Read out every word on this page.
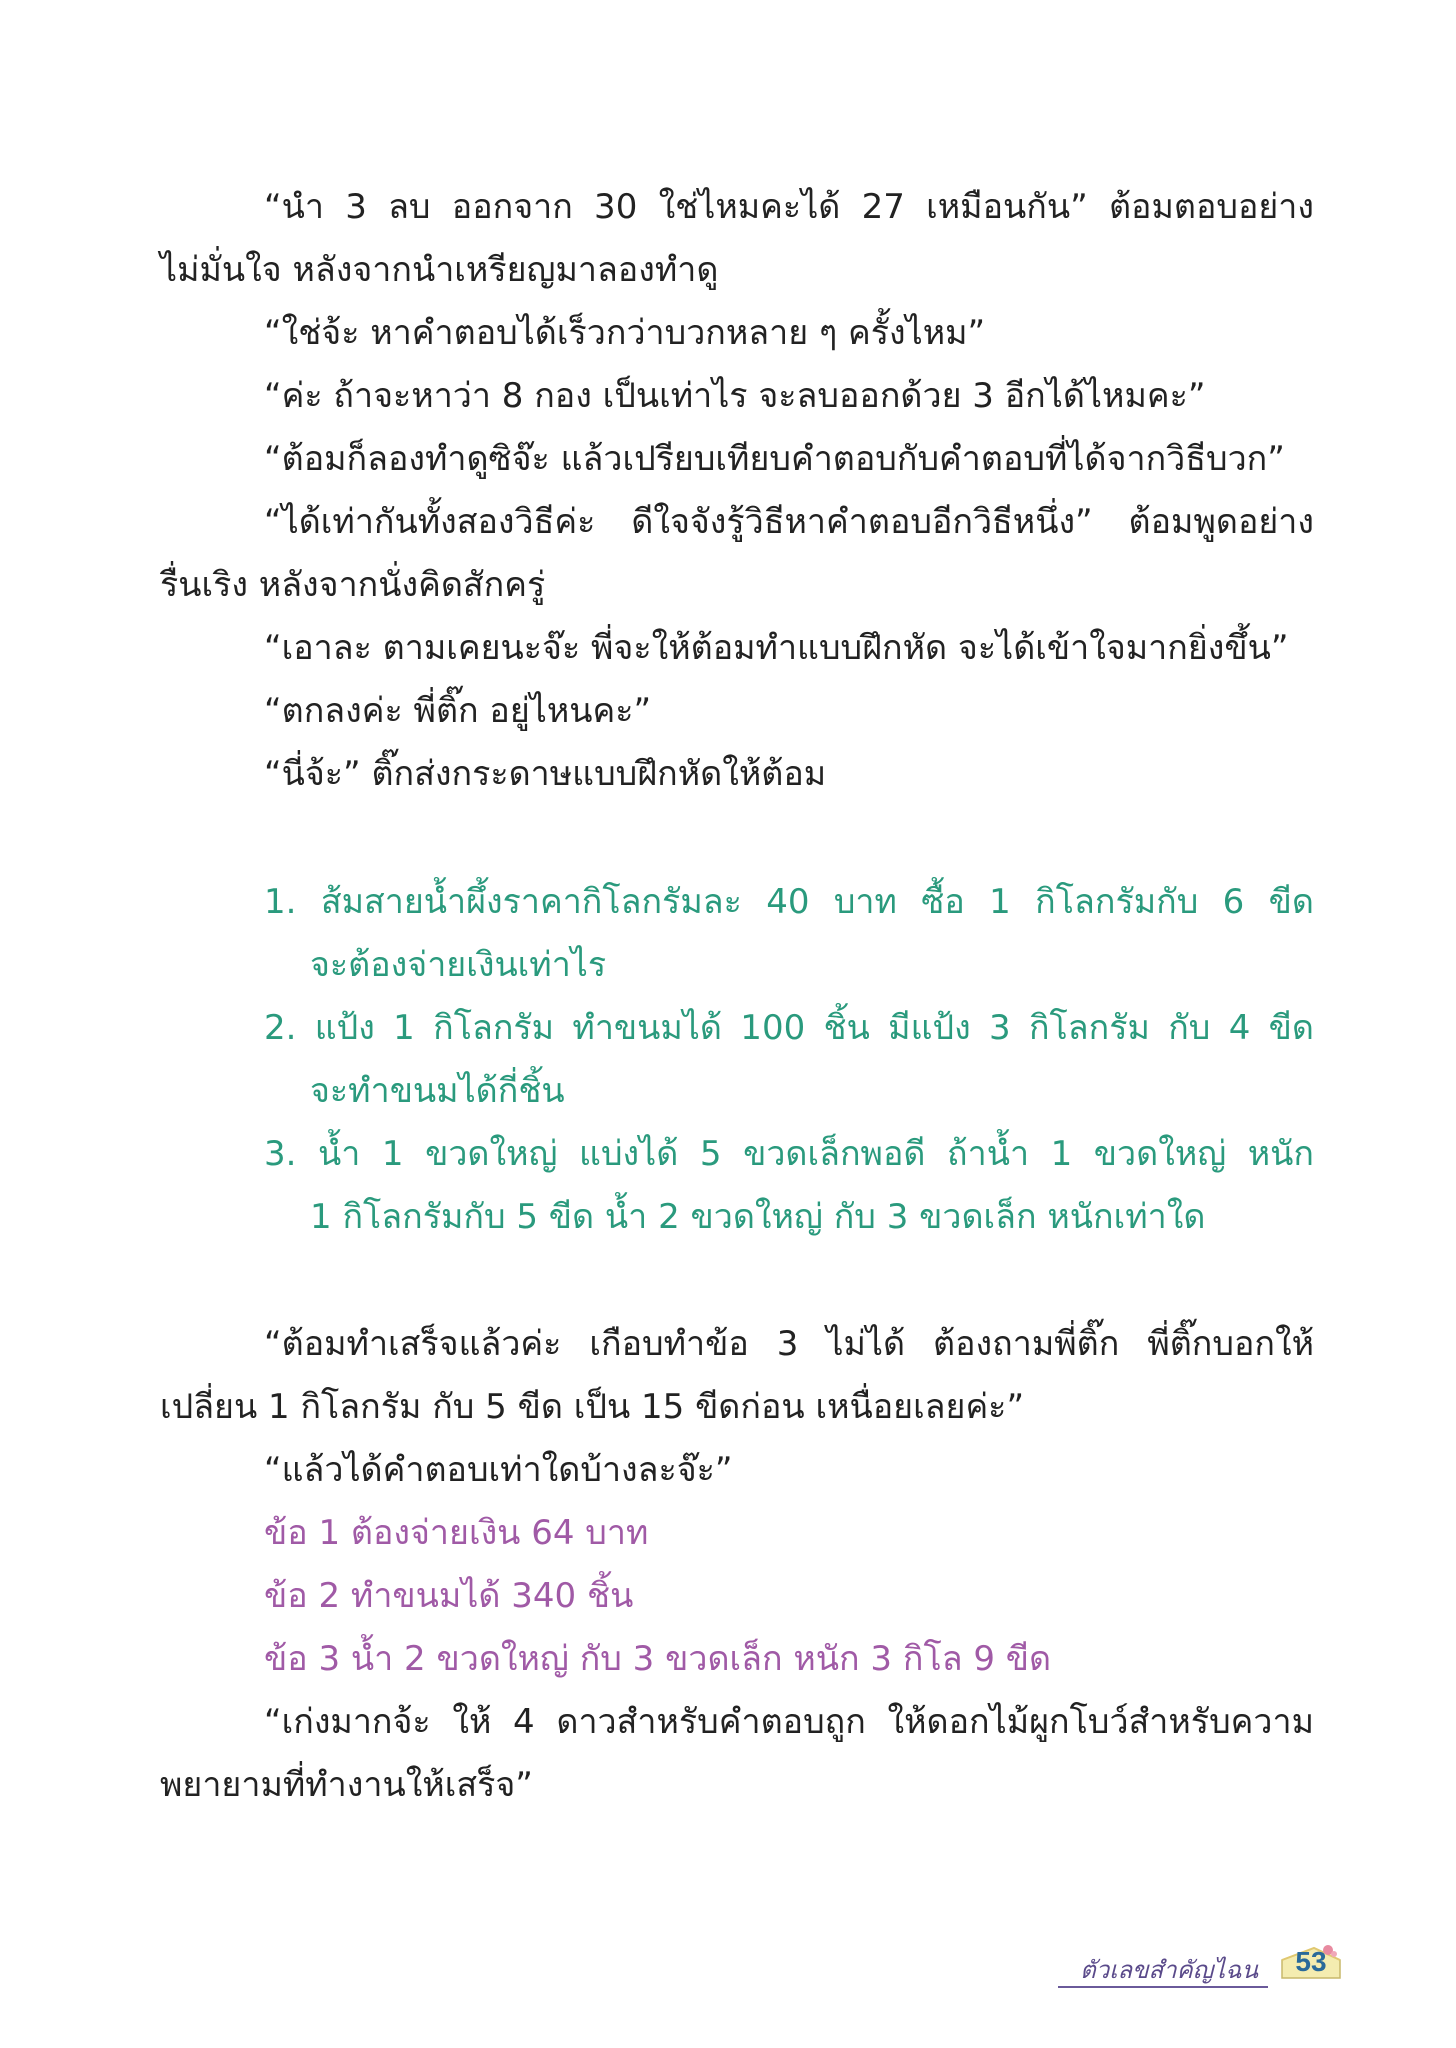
“นำ 3 ลบ ออกจาก 30 ใช่ไหมคะได้ 27 เหมือนกัน” ต้อมตอบอย่าง
ไม่มั่นใจ หลังจากนำเหรียญมาลองทำดู
“ใช่จ้ะ หาคำตอบได้เร็วกว่าบวกหลาย ๆ ครั้งไหม”
“ค่ะ ถ้าจะหาว่า 8 กอง เป็นเท่าไร จะลบออกด้วย 3 อีกได้ไหมคะ”
“ต้อมก็ลองทำดูซิจ๊ะ แล้วเปรียบเทียบคำตอบกับคำตอบที่ได้จากวิธีบวก”
“ได้เท่ากันทั้งสองวิธีค่ะ ดีใจจังรู้วิธีหาคำตอบอีกวิธีหนึ่ง” ต้อมพูดอย่าง
รื่นเริง หลังจากนั่งคิดสักครู่
“เอาละ ตามเคยนะจ๊ะ พี่จะให้ต้อมทำแบบฝึกหัด จะได้เข้าใจมากยิ่งขึ้น”
“ตกลงค่ะ พี่ติ๊ก อยู่ไหนคะ”
“นี่จ้ะ” ติ๊กส่งกระดาษแบบฝึกหัดให้ต้อม
1. ส้มสายน้ำผึ้งราคากิโลกรัมละ 40 บาท ซื้อ 1 กิโลกรัมกับ 6 ขีด
จะต้องจ่ายเงินเท่าไร
2. แป้ง 1 กิโลกรัม ทำขนมได้ 100 ชิ้น มีแป้ง 3 กิโลกรัม กับ 4 ขีด
จะทำขนมได้กี่ชิ้น
3. น้ำ 1 ขวดใหญ่ แบ่งได้ 5 ขวดเล็กพอดี ถ้าน้ำ 1 ขวดใหญ่ หนัก
1 กิโลกรัมกับ 5 ขีด น้ำ 2 ขวดใหญ่ กับ 3 ขวดเล็ก หนักเท่าใด
“ต้อมทำเสร็จแล้วค่ะ เกือบทำข้อ 3 ไม่ได้ ต้องถามพี่ติ๊ก พี่ติ๊กบอกให้
เปลี่ยน 1 กิโลกรัม กับ 5 ขีด เป็น 15 ขีดก่อน เหนื่อยเลยค่ะ”
“แล้วได้คำตอบเท่าใดบ้างละจ๊ะ”
ข้อ 1 ต้องจ่ายเงิน 64 บาท
ข้อ 2 ทำขนมได้ 340 ชิ้น
ข้อ 3 น้ำ 2 ขวดใหญ่ กับ 3 ขวดเล็ก หนัก 3 กิโล 9 ขีด
“เก่งมากจ้ะ ให้ 4 ดาวสำหรับคำตอบถูก ให้ดอกไม้ผูกโบว์สำหรับความ
พยายามที่ทำงานให้เสร็จ”
ตัวเลขสำคัญไฉน	53
